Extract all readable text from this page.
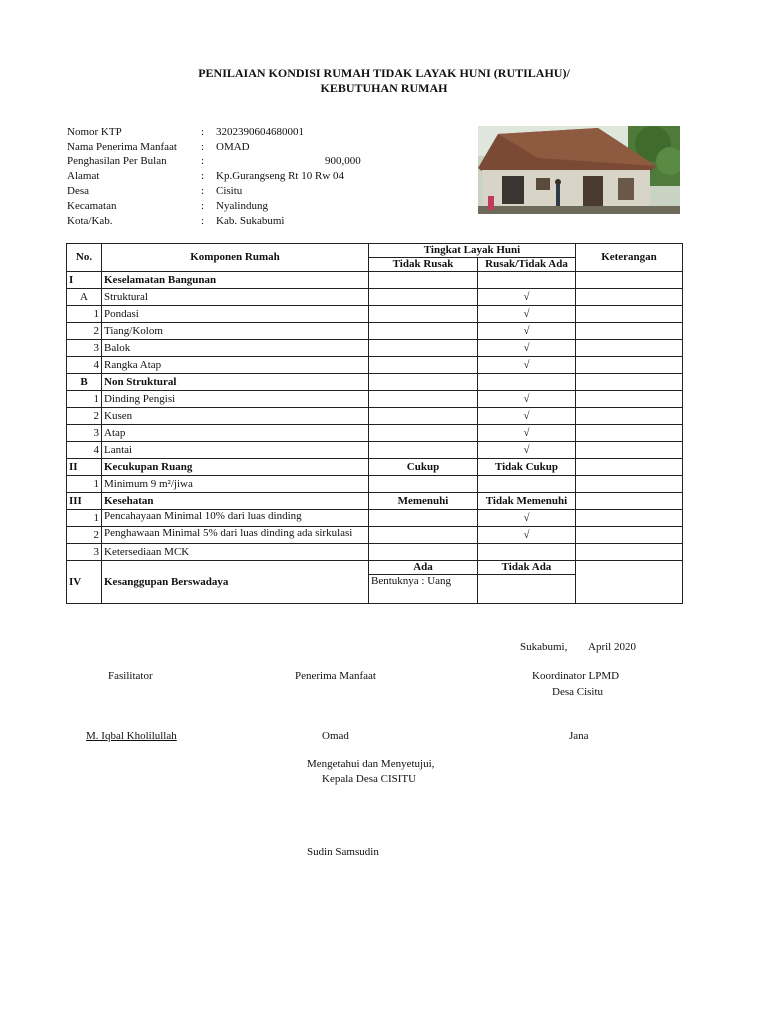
PENILAIAN KONDISI RUMAH TIDAK LAYAK HUNI (RUTILAHU)/
KEBUTUHAN RUMAH
Nomor KTP	: 3202390604680001
Nama Penerima Manfaat : OMAD
Penghasilan Per Bulan	:	900,000
Alamat	: Kp.Gurangseng Rt 10 Rw 04
Desa	: Cisitu
Kecamatan	: Nyalindung
Kota/Kab.	: Kab. Sukabumi
No.	Komponen Rumah	Tingkat Layak Huni		Keterangan
		Tidak Rusak	Rusak/Tidak Ada	
I	Keselamatan Bangunan			
A	Struktural		√	
1	Pondasi		√	
2	Tiang/Kolom		√	
3	Balok		√	
4	Rangka Atap		√	
B	Non Struktural			
1	Dinding Pengisi		√	
2	Kusen		√	
3	Atap		√	
4	Lantai		√	
II	Kecukupan Ruang	Cukup	Tidak Cukup	
1	Minimum 9 m²/jiwa			
III	Kesehatan	Memenuhi	Tidak Memenuhi	
1	Pencahayaan Minimal 10% dari luas dinding		√	
2	Penghawaan Minimal 5% dari luas dinding ada sirkulasi		√	
3	Ketersediaan MCK			
IV	Kesanggupan Berswadaya	Ada	Tidak Ada	
		Bentuknya : Uang		
Sukabumi, April 2020
Fasilitator	Penerima Manfaat	Koordinator LPMD
Desa Cisitu
M. Iqbal Kholilullah	Omad	Jana
Mengetahui dan Menyetujui,
Kepala Desa CISITU
Sudin Samsudin
